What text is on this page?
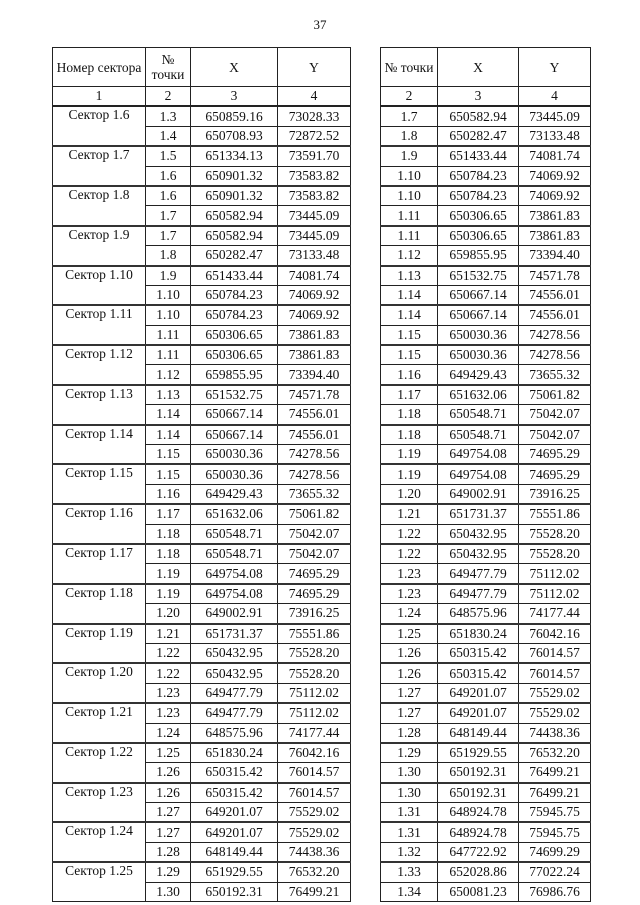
37
Номер сектора	№ точки	X	Y
1	2	3	4
Сектор 1.6	1.3	650859.16	73028.33
	1.4	650708.93	72872.52
Сектор 1.7	1.5	651334.13	73591.70
	1.6	650901.32	73583.82
Сектор 1.8	1.6	650901.32	73583.82
	1.7	650582.94	73445.09
Сектор 1.9	1.7	650582.94	73445.09
	1.8	650282.47	73133.48
Сектор 1.10	1.9	651433.44	74081.74
	1.10	650784.23	74069.92
Сектор 1.11	1.10	650784.23	74069.92
	1.11	650306.65	73861.83
Сектор 1.12	1.11	650306.65	73861.83
	1.12	659855.95	73394.40
Сектор 1.13	1.13	651532.75	74571.78
	1.14	650667.14	74556.01
Сектор 1.14	1.14	650667.14	74556.01
	1.15	650030.36	74278.56
Сектор 1.15	1.15	650030.36	74278.56
	1.16	649429.43	73655.32
Сектор 1.16	1.17	651632.06	75061.82
	1.18	650548.71	75042.07
Сектор 1.17	1.18	650548.71	75042.07
	1.19	649754.08	74695.29
Сектор 1.18	1.19	649754.08	74695.29
	1.20	649002.91	73916.25
Сектор 1.19	1.21	651731.37	75551.86
	1.22	650432.95	75528.20
Сектор 1.20	1.22	650432.95	75528.20
	1.23	649477.79	75112.02
Сектор 1.21	1.23	649477.79	75112.02
	1.24	648575.96	74177.44
Сектор 1.22	1.25	651830.24	76042.16
	1.26	650315.42	76014.57
Сектор 1.23	1.26	650315.42	76014.57
	1.27	649201.07	75529.02
Сектор 1.24	1.27	649201.07	75529.02
	1.28	648149.44	74438.36
Сектор 1.25	1.29	651929.55	76532.20
	1.30	650192.31	76499.21
№ точки	X	Y
2	3	4
1.7	650582.94	73445.09
1.8	650282.47	73133.48
1.9	651433.44	74081.74
1.10	650784.23	74069.92
1.10	650784.23	74069.92
1.11	650306.65	73861.83
1.11	650306.65	73861.83
1.12	659855.95	73394.40
1.13	651532.75	74571.78
1.14	650667.14	74556.01
1.14	650667.14	74556.01
1.15	650030.36	74278.56
1.15	650030.36	74278.56
1.16	649429.43	73655.32
1.17	651632.06	75061.82
1.18	650548.71	75042.07
1.18	650548.71	75042.07
1.19	649754.08	74695.29
1.19	649754.08	74695.29
1.20	649002.91	73916.25
1.21	651731.37	75551.86
1.22	650432.95	75528.20
1.22	650432.95	75528.20
1.23	649477.79	75112.02
1.23	649477.79	75112.02
1.24	648575.96	74177.44
1.25	651830.24	76042.16
1.26	650315.42	76014.57
1.26	650315.42	76014.57
1.27	649201.07	75529.02
1.27	649201.07	75529.02
1.28	648149.44	74438.36
1.29	651929.55	76532.20
1.30	650192.31	76499.21
1.30	650192.31	76499.21
1.31	648924.78	75945.75
1.31	648924.78	75945.75
1.32	647722.92	74699.29
1.33	652028.86	77022.24
1.34	650081.23	76986.76
